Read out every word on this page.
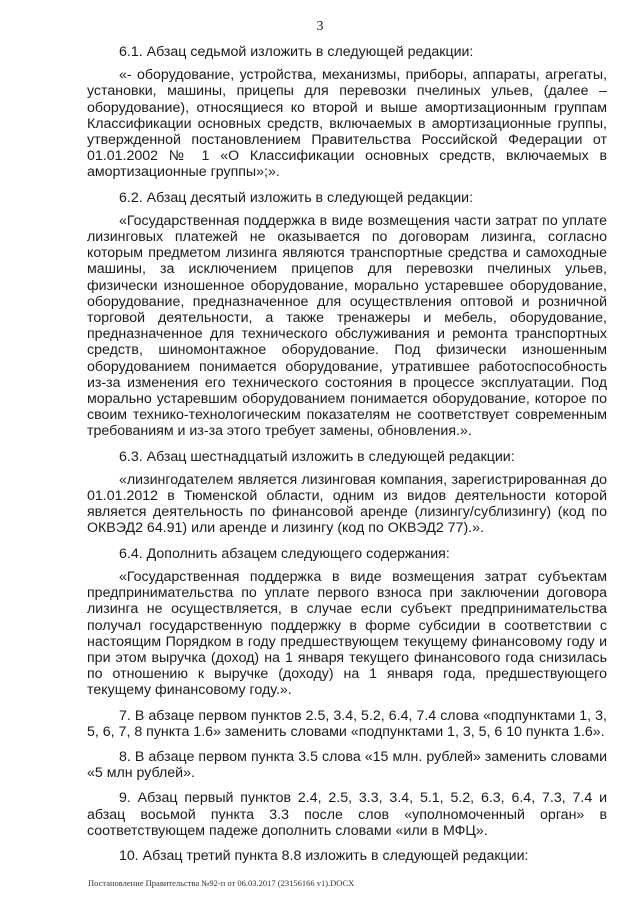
3

6.1. Абзац седьмой изложить в следующей редакции:

«- оборудование, устройства, механизмы, приборы, аппараты, агрегаты, установки, машины, прицепы для перевозки пчелиных ульев, (далее – оборудование), относящиеся ко второй и выше амортизационным группам Классификации основных средств, включаемых в амортизационные группы, утвержденной постановлением Правительства Российской Федерации от 01.01.2002 № 1 «О Классификации основных средств, включаемых в амортизационные группы»;».

6.2. Абзац десятый изложить в следующей редакции:

«Государственная поддержка в виде возмещения части затрат по уплате лизинговых платежей не оказывается по договорам лизинга, согласно которым предметом лизинга являются транспортные средства и самоходные машины, за исключением прицепов для перевозки пчелиных ульев, физически изношенное оборудование, морально устаревшее оборудование, оборудование, предназначенное для осуществления оптовой и розничной торговой деятельности, а также тренажеры и мебель, оборудование, предназначенное для технического обслуживания и ремонта транспортных средств, шиномонтажное оборудование. Под физически изношенным оборудованием понимается оборудование, утратившее работоспособность из-за изменения его технического состояния в процессе эксплуатации. Под морально устаревшим оборудованием понимается оборудование, которое по своим технико-технологическим показателям не соответствует современным требованиям и из-за этого требует замены, обновления.».

6.3. Абзац шестнадцатый изложить в следующей редакции:

«лизингодателем является лизинговая компания, зарегистрированная до 01.01.2012 в Тюменской области, одним из видов деятельности которой является деятельность по финансовой аренде (лизингу/сублизингу) (код по ОКВЭД2 64.91) или аренде и лизингу (код по ОКВЭД2 77).».

6.4. Дополнить абзацем следующего содержания:

«Государственная поддержка в виде возмещения затрат субъектам предпринимательства по уплате первого взноса при заключении договора лизинга не осуществляется, в случае если субъект предпринимательства получал государственную поддержку в форме субсидии в соответствии с настоящим Порядком в году предшествующем текущему финансовому году и при этом выручка (доход) на 1 января текущего финансового года снизилась по отношению к выручке (доходу) на 1 января года, предшествующего текущему финансовому году.».

7. В абзаце первом пунктов 2.5, 3.4, 5.2, 6.4, 7.4 слова «подпунктами 1, 3, 5, 6, 7, 8 пункта 1.6» заменить словами «подпунктами 1, 3, 5, 6 10 пункта 1.6».

8. В абзаце первом пункта 3.5 слова «15 млн. рублей» заменить словами «5 млн рублей».

9. Абзац первый пунктов 2.4, 2.5, 3.3, 3.4, 5.1, 5.2, 6.3, 6.4, 7.3, 7.4 и абзац восьмой пункта 3.3 после слов «уполномоченный орган» в соответствующем падеже дополнить словами «или в МФЦ».

10. Абзац третий пункта 8.8 изложить в следующей редакции:

Постановление Правительства №92-п от 06.03.2017 (23156166 v1).DOCX
